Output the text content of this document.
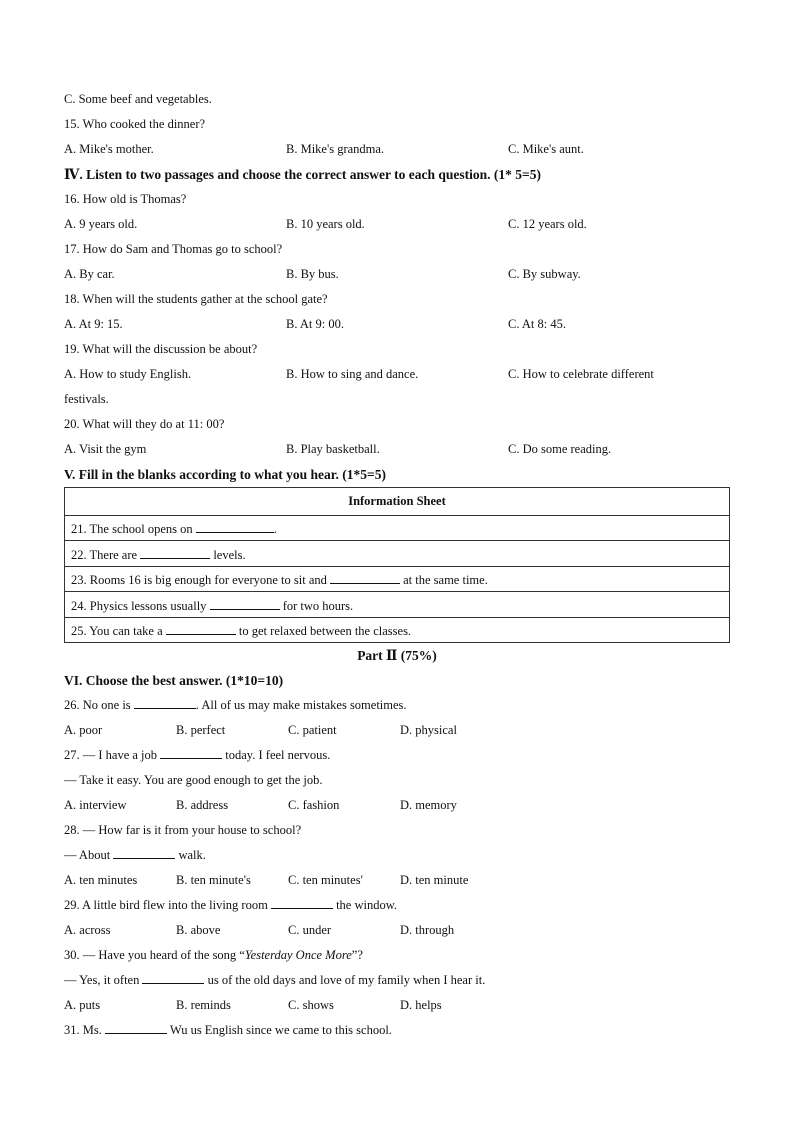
C. Some beef and vegetables.
15. Who cooked the dinner?
A. Mike's mother.	B. Mike's grandma.	C. Mike's aunt.
Ⅳ. Listen to two passages and choose the correct answer to each question. (1* 5=5)
16. How old is Thomas?
A. 9 years old.	B. 10 years old.	C. 12 years old.
17. How do Sam and Thomas go to school?
A. By car.	B. By bus.	C. By subway.
18. When will the students gather at the school gate?
A. At 9: 15.	B. At 9: 00.	C. At 8: 45.
19. What will the discussion be about?
A. How to study English.	B. How to sing and dance.	C. How to celebrate different
festivals.
20. What will they do at 11: 00?
A. Visit the gym	B. Play basketball.	C. Do some reading.
V. Fill in the blanks according to what you hear. (1*5=5)
Information Sheet
21. The school opens on	.
22. There are	levels.
23. Rooms 16 is big enough for everyone to sit and	at the same time.
24. Physics lessons usually	for two hours.
25. You can take a	to get relaxed between the classes.
Part Ⅱ (75%)
VI. Choose the best answer. (1*10=10)
26. No one is	. All of us may make mistakes sometimes.
A. poor	B. perfect	C. patient	D. physical
27. — I have a job	today. I feel nervous.
— Take it easy. You are good enough to get the job.
A. interview	B. address	C. fashion	D. memory
28. — How far is it from your house to school?
— About	walk.
A. ten minutes	B. ten minute's	C. ten minutes'	D. ten minute
29. A little bird flew into the living room	the window.
A. across	B. above	C. under	D. through
30. — Have you heard of the song “Yesterday Once More”?
— Yes, it often	us of the old days and love of my family when I hear it.
A. puts	B. reminds	C. shows	D. helps
31. Ms.	Wu us English since we came to this school.
